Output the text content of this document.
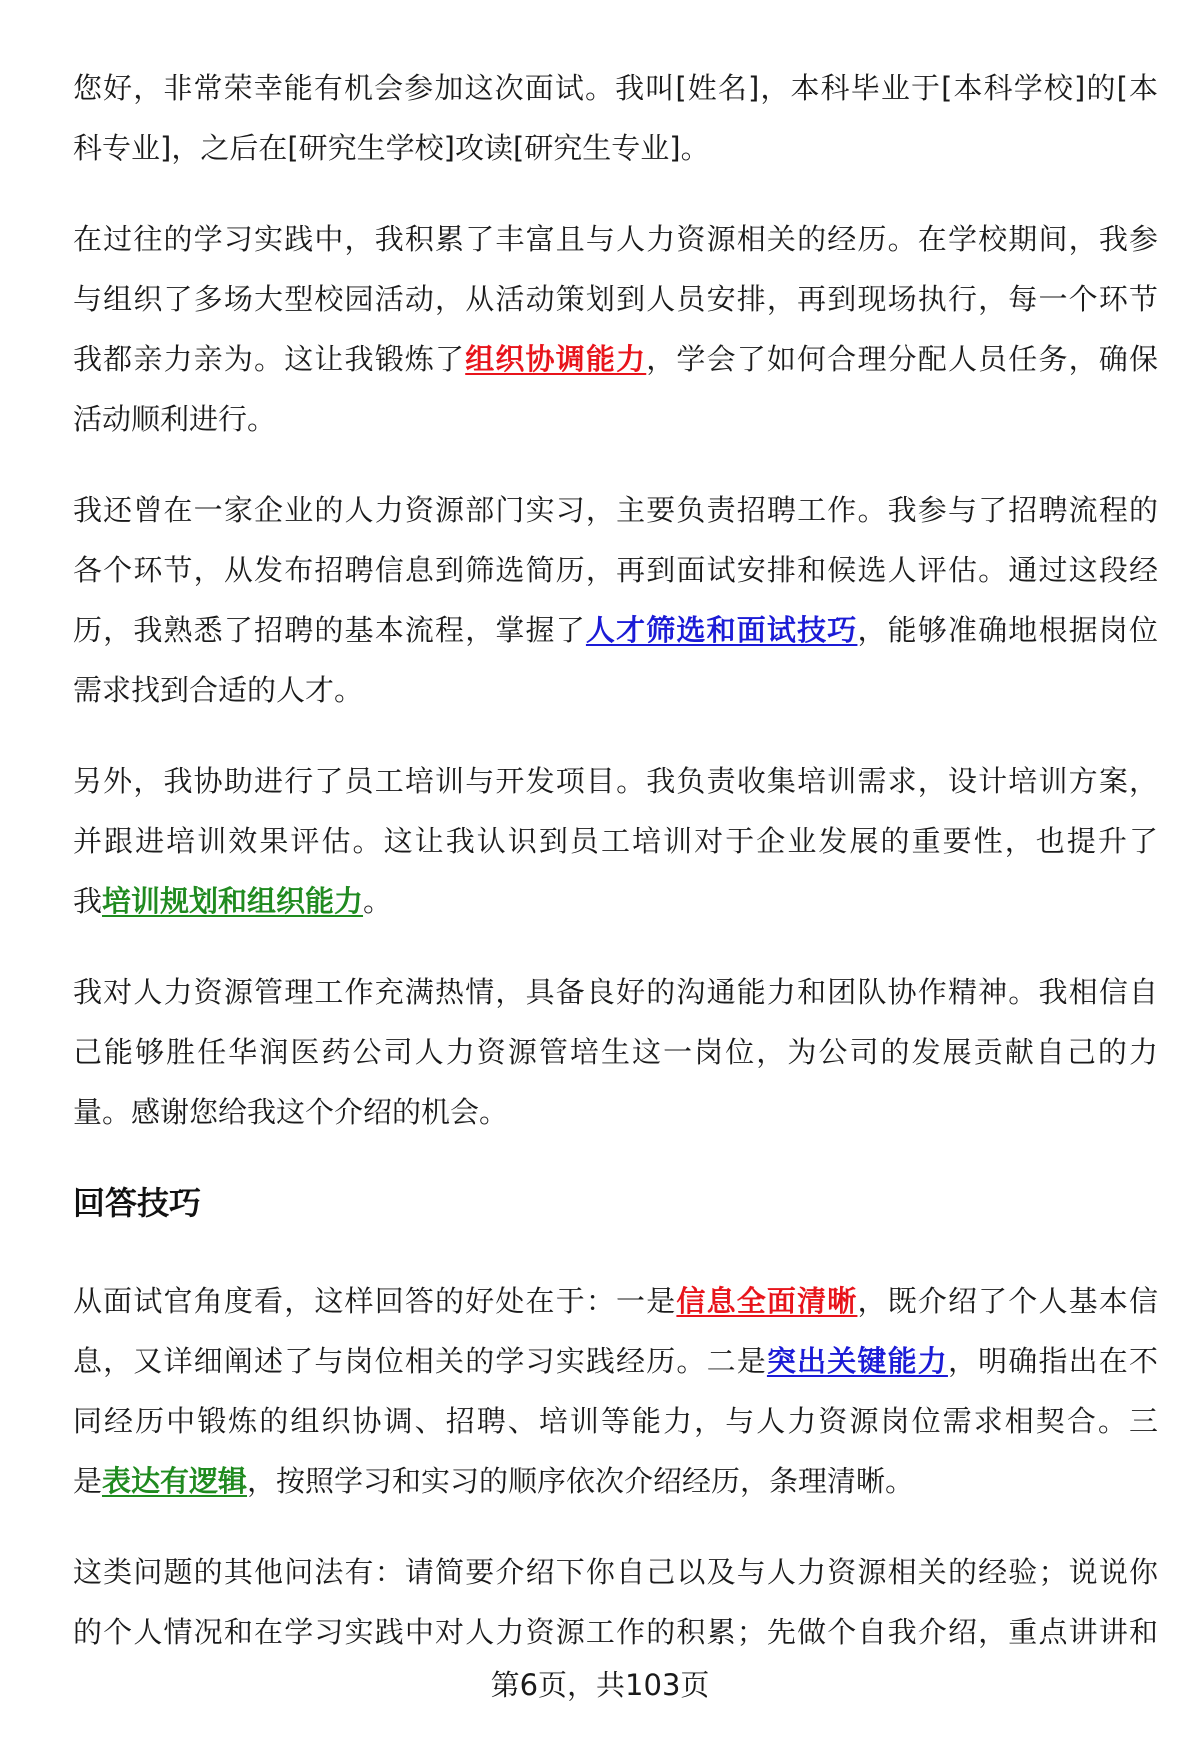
您好，非常荣幸能有机会参加这次面试。我叫[姓名]，本科毕业于[本科学校]的[本
科专业]，之后在[研究生学校]攻读[研究生专业]。
在过往的学习实践中，我积累了丰富且与人力资源相关的经历。在学校期间，我参
与组织了多场大型校园活动，从活动策划到人员安排，再到现场执行，每一个环节
我都亲力亲为。这让我锻炼了组织协调能力，学会了如何合理分配人员任务，确保
活动顺利进行。
我还曾在一家企业的人力资源部门实习，主要负责招聘工作。我参与了招聘流程的
各个环节，从发布招聘信息到筛选简历，再到面试安排和候选人评估。通过这段经
历，我熟悉了招聘的基本流程，掌握了人才筛选和面试技巧，能够准确地根据岗位
需求找到合适的人才。
另外，我协助进行了员工培训与开发项目。我负责收集培训需求，设计培训方案，
并跟进培训效果评估。这让我认识到员工培训对于企业发展的重要性，也提升了
我培训规划和组织能力。
我对人力资源管理工作充满热情，具备良好的沟通能力和团队协作精神。我相信自
己能够胜任华润医药公司人力资源管培生这一岗位，为公司的发展贡献自己的力
量。感谢您给我这个介绍的机会。
回答技巧
从面试官角度看，这样回答的好处在于：一是信息全面清晰，既介绍了个人基本信
息，又详细阐述了与岗位相关的学习实践经历。二是突出关键能力，明确指出在不
同经历中锻炼的组织协调、招聘、培训等能力，与人力资源岗位需求相契合。三
是表达有逻辑，按照学习和实习的顺序依次介绍经历，条理清晰。
这类问题的其他问法有：请简要介绍下你自己以及与人力资源相关的经验；说说你
的个人情况和在学习实践中对人力资源工作的积累；先做个自我介绍，重点讲讲和
第6页，共103页
